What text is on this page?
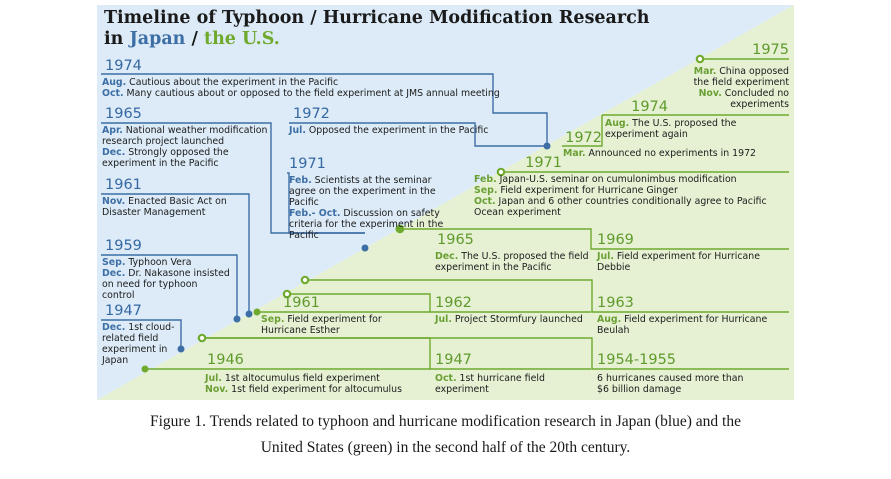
Timeline of Typhoon / Hurricane Modification Research
in Japan / the U.S.
1974
Aug. Cautious about the experiment in the Pacific
Oct. Many cautious about or opposed to the field experiment at JMS annual meeting
1965
Apr. National weather modification research project launched
Dec. Strongly opposed the experiment in the Pacific
1972
Jul. Opposed the experiment in the Pacific
1971
Feb. Scientists at the seminar agree on the experiment in the Pacific
Feb.- Oct. Discussion on safety criteria for the experiment in the Pacific
1961
Nov. Enacted Basic Act on Disaster Management
1959
Sep. Typhoon Vera
Dec. Dr. Nakasone insisted on need for typhoon control
1947
Dec. 1st cloud-related field experiment in Japan
1975
Mar. China opposed the field experiment
Nov. Concluded no experiments
1974
Aug. The U.S. proposed the experiment again
1972
Mar. Announced no experiments in 1972
1971
Feb. Japan-U.S. seminar on cumulonimbus modification
Sep. Field experiment for Hurricane Ginger
Oct. Japan and 6 other countries conditionally agree to Pacific Ocean experiment
1965
Dec. The U.S. proposed the field experiment in the Pacific
1969
Jul. Field experiment for Hurricane Debbie
1961
Sep. Field experiment for Hurricane Esther
1962
Jul. Project Stormfury launched
1963
Aug. Field experiment for Hurricane Beulah
1946
Jul. 1st altocumulus field experiment
Nov. 1st field experiment for altocumulus
1947
Oct. 1st hurricane field experiment
1954-1955
6 hurricanes caused more than $6 billion damage
Figure 1. Trends related to typhoon and hurricane modification research in Japan (blue) and the
United States (green) in the second half of the 20th century.
